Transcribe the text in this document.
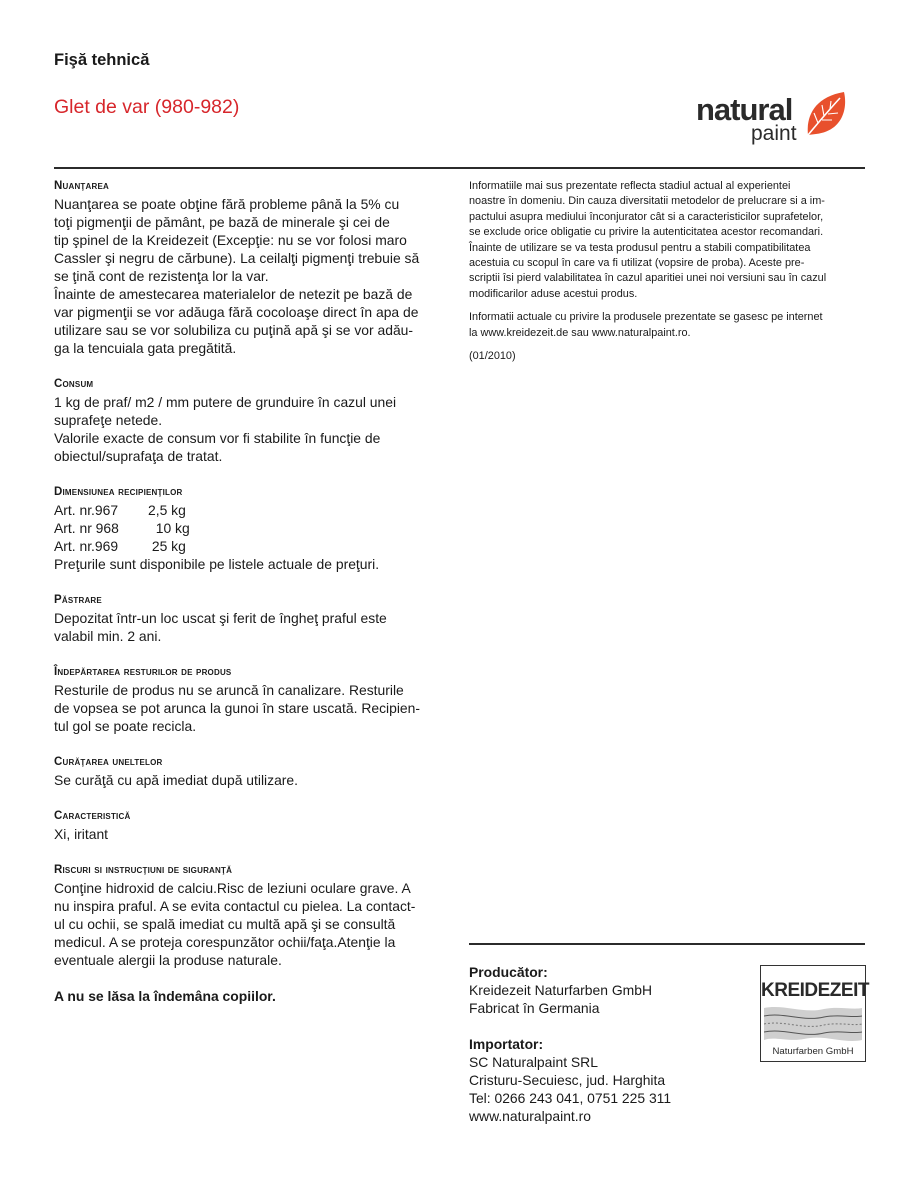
Fişă tehnică
Glet de var (980-982)	natural
paint
Nuanţarea
Nuanţarea se poate obţine fără probleme până la 5% cu
toţi pigmenţii de pământ, pe bază de minerale şi cei de
tip şpinel de la Kreidezeit (Excepţie: nu se vor folosi maro
Cassler şi negru de cărbune). La ceilalţi pigmenţi trebuie să
se ţină cont de rezistenţa lor la var.
Înainte de amestecarea materialelor de netezit pe bază de
var pigmenţii se vor adăuga fără cocoloaşe direct în apa de
utilizare sau se vor solubiliza cu puţină apă şi se vor adău-
ga la tencuiala gata pregătită.
Consum
1 kg de praf/ m2 / mm putere de grunduire în cazul unei
suprafeţe netede.
Valorile exacte de consum vor fi stabilite în funcţie de
obiectul/suprafaţa de tratat.
Dimensiunea recipienţilor
Art. nr.967 2,5 kg
Art. nr 968  10 kg
Art. nr.969 25 kg
Preţurile sunt disponibile pe listele actuale de preţuri.
Păstrare
Depozitat într-un loc uscat şi ferit de îngheţ praful este
valabil min. 2 ani.
Îndepărtarea resturilor de produs
Resturile de produs nu se aruncă în canalizare. Resturile
de vopsea se pot arunca la gunoi în stare uscată. Recipien-
tul gol se poate recicla.
Curăţarea uneltelor
Se curăţă cu apă imediat după utilizare.
Caracteristică
Xi, iritant
Riscuri si instrucţiuni de siguranţă
Conţine hidroxid de calciu.Risc de leziuni oculare grave. A
nu inspira praful. A se evita contactul cu pielea. La contact-
ul cu ochii, se spală imediat cu multă apă şi se consultă
medicul. A se proteja corespunzător ochii/faţa.Atenţie la
eventuale alergii la produse naturale.
A nu se lăsa la îndemâna copiilor.

Informatiile mai sus prezentate reflecta stadiul actual al experientei
noastre în domeniu. Din cauza diversitatii metodelor de prelucrare si a im-
pactului asupra mediului înconjurator cât si a caracteristicilor suprafetelor,
se exclude orice obligatie cu privire la autenticitatea acestor recomandari.
Înainte de utilizare se va testa produsul pentru a stabili compatibilitatea
acestuia cu scopul în care va fi utilizat (vopsire de proba). Aceste pre-
scriptii îsi pierd valabilitatea în cazul aparitiei unei noi versiuni sau în cazul
modificarilor aduse acestui produs.

Informatii actuale cu privire la produsele prezentate se gasesc pe internet
la www.kreidezeit.de sau www.naturalpaint.ro.

(01/2010)

Producător:
Kreidezeit Naturfarben GmbH
Fabricat în Germania
Importator:
SC Naturalpaint SRL
Cristuru-Secuiesc, jud. Harghita
Tel: 0266 243 041, 0751 225 311
www.naturalpaint.ro
KREIDEZEIT
Naturfarben GmbH
